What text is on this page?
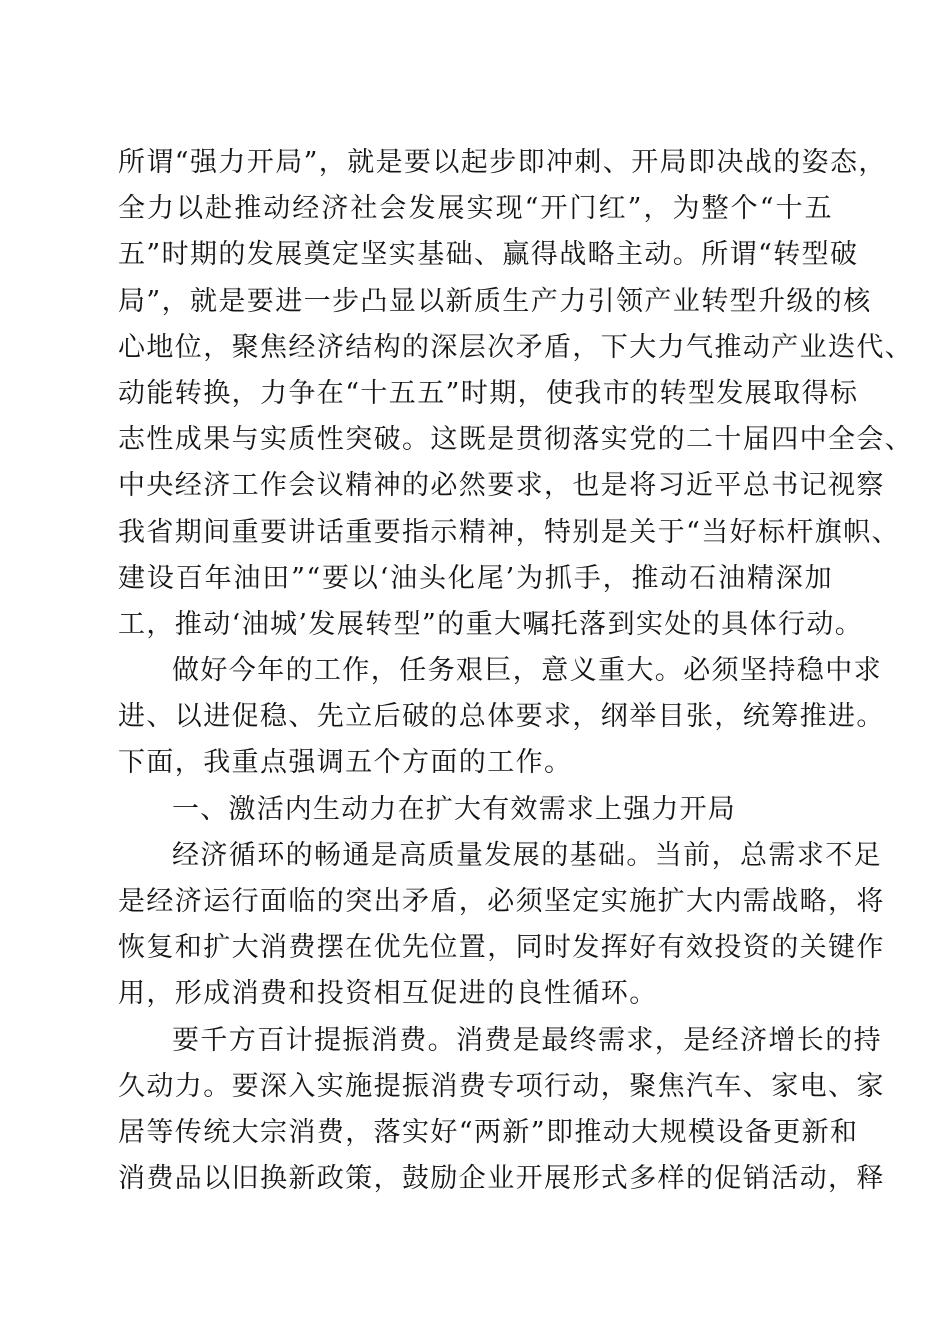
所谓“强力开局”，就是要以起步即冲刺、开局即决战的姿态，
全力以赴推动经济社会发展实现“开门红”，为整个“十五
五”时期的发展奠定坚实基础、赢得战略主动。所谓“转型破
局”，就是要进一步凸显以新质生产力引领产业转型升级的核
心地位，聚焦经济结构的深层次矛盾，下大力气推动产业迭代、
动能转换，力争在“十五五”时期，使我市的转型发展取得标
志性成果与实质性突破。这既是贯彻落实党的二十届四中全会、
中央经济工作会议精神的必然要求，也是将习近平总书记视察
我省期间重要讲话重要指示精神，特别是关于“当好标杆旗帜、
建设百年油田”“要以‘油头化尾’为抓手，推动石油精深加
工，推动‘油城’发展转型”的重大嘱托落到实处的具体行动。
做好今年的工作，任务艰巨，意义重大。必须坚持稳中求
进、以进促稳、先立后破的总体要求，纲举目张，统筹推进。
下面，我重点强调五个方面的工作。
一、激活内生动力在扩大有效需求上强力开局
经济循环的畅通是高质量发展的基础。当前，总需求不足
是经济运行面临的突出矛盾，必须坚定实施扩大内需战略，将
恢复和扩大消费摆在优先位置，同时发挥好有效投资的关键作
用，形成消费和投资相互促进的良性循环。
要千方百计提振消费。消费是最终需求，是经济增长的持
久动力。要深入实施提振消费专项行动，聚焦汽车、家电、家
居等传统大宗消费，落实好“两新”即推动大规模设备更新和
消费品以旧换新政策，鼓励企业开展形式多样的促销活动，释
